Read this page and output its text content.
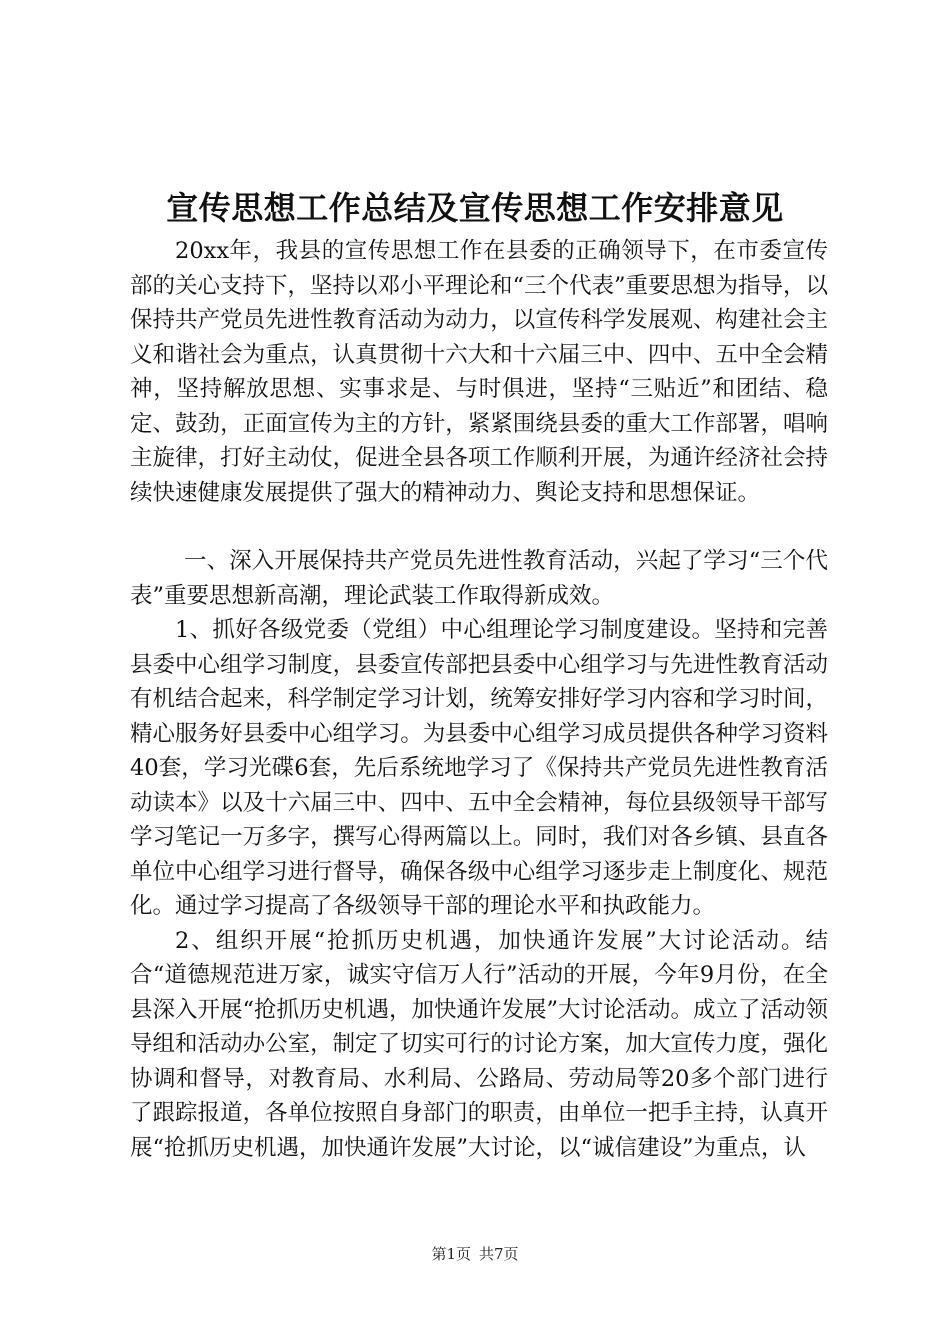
宣传思想工作总结及宣传思想工作安排意见

20xx年，我县的宣传思想工作在县委的正确领导下，在市委宣传部的关心支持下，坚持以邓小平理论和“三个代表”重要思想为指导，以保持共产党员先进性教育活动为动力，以宣传科学发展观、构建社会主义和谐社会为重点，认真贯彻十六大和十六届三中、四中、五中全会精神，坚持解放思想、实事求是、与时俱进，坚持“三贴近”和团结、稳定、鼓劲，正面宣传为主的方针，紧紧围绕县委的重大工作部署，唱响主旋律，打好主动仗，促进全县各项工作顺利开展，为通许经济社会持续快速健康发展提供了强大的精神动力、舆论支持和思想保证。

一、深入开展保持共产党员先进性教育活动，兴起了学习“三个代表”重要思想新高潮，理论武装工作取得新成效。

1、抓好各级党委（党组）中心组理论学习制度建设。坚持和完善县委中心组学习制度，县委宣传部把县委中心组学习与先进性教育活动有机结合起来，科学制定学习计划，统筹安排好学习内容和学习时间，精心服务好县委中心组学习。为县委中心组学习成员提供各种学习资料40套，学习光碟6套，先后系统地学习了《保持共产党员先进性教育活动读本》以及十六届三中、四中、五中全会精神，每位县级领导干部写学习笔记一万多字，撰写心得两篇以上。同时，我们对各乡镇、县直各单位中心组学习进行督导，确保各级中心组学习逐步走上制度化、规范化。通过学习提高了各级领导干部的理论水平和执政能力。

2、组织开展“抢抓历史机遇，加快通许发展”大讨论活动。结合“道德规范进万家，诚实守信万人行”活动的开展，今年9月份，在全县深入开展“抢抓历史机遇，加快通许发展”大讨论活动。成立了活动领导组和活动办公室，制定了切实可行的讨论方案，加大宣传力度，强化协调和督导，对教育局、水利局、公路局、劳动局等20多个部门进行了跟踪报道，各单位按照自身部门的职责，由单位一把手主持，认真开展“抢抓历史机遇，加快通许发展”大讨论，以“诚信建设”为重点，认

第1页 共7页
